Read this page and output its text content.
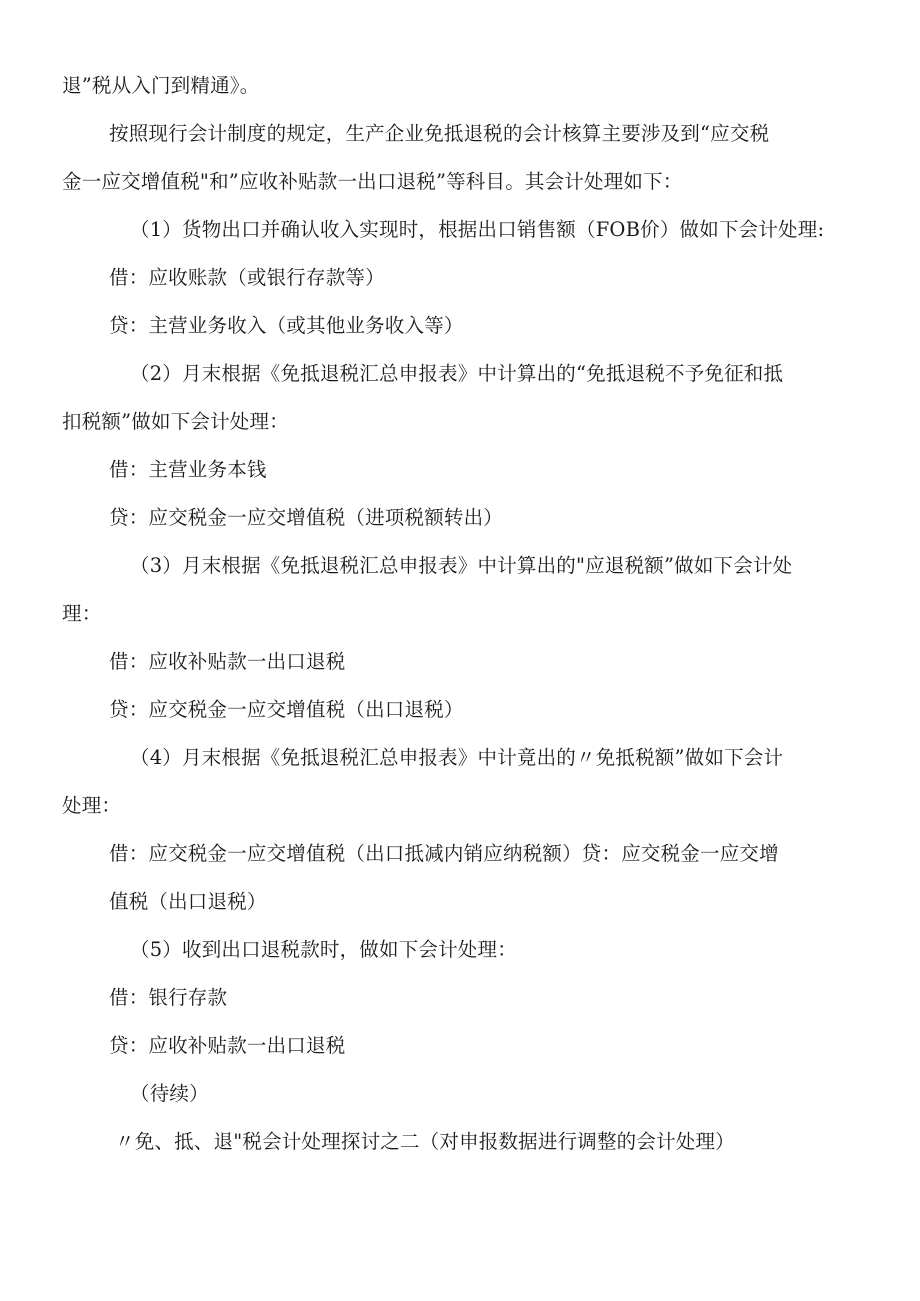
退”税从入门到精通》。
按照现行会计制度的规定，生产企业免抵退税的会计核算主要涉及到“应交税
金一应交增值税"和”应收补贴款一出口退税”等科目。其会计处理如下：
（1）货物出口并确认收入实现时，根据出口销售额（FOB价）做如下会计处理:
借：应收账款（或银行存款等）
贷：主营业务收入（或其他业务收入等）
（2）月末根据《免抵退税汇总申报表》中计算出的“免抵退税不予免征和抵
扣税额”做如下会计处理：
借：主营业务本钱
贷：应交税金一应交增值税（进项税额转出）
（3）月末根据《免抵退税汇总申报表》中计算出的"应退税额”做如下会计处
理：
借：应收补贴款一出口退税
贷：应交税金一应交增值税（出口退税）
（4）月末根据《免抵退税汇总申报表》中计竟出的〃免抵税额”做如下会计
处理：
借：应交税金一应交增值税（出口抵减内销应纳税额）贷：应交税金一应交增
值税（出口退税）
（5）收到出口退税款时，做如下会计处理：
借：银行存款
贷：应收补贴款一出口退税
（待续）
〃免、抵、退"税会计处理探讨之二（对申报数据进行调整的会计处理）
